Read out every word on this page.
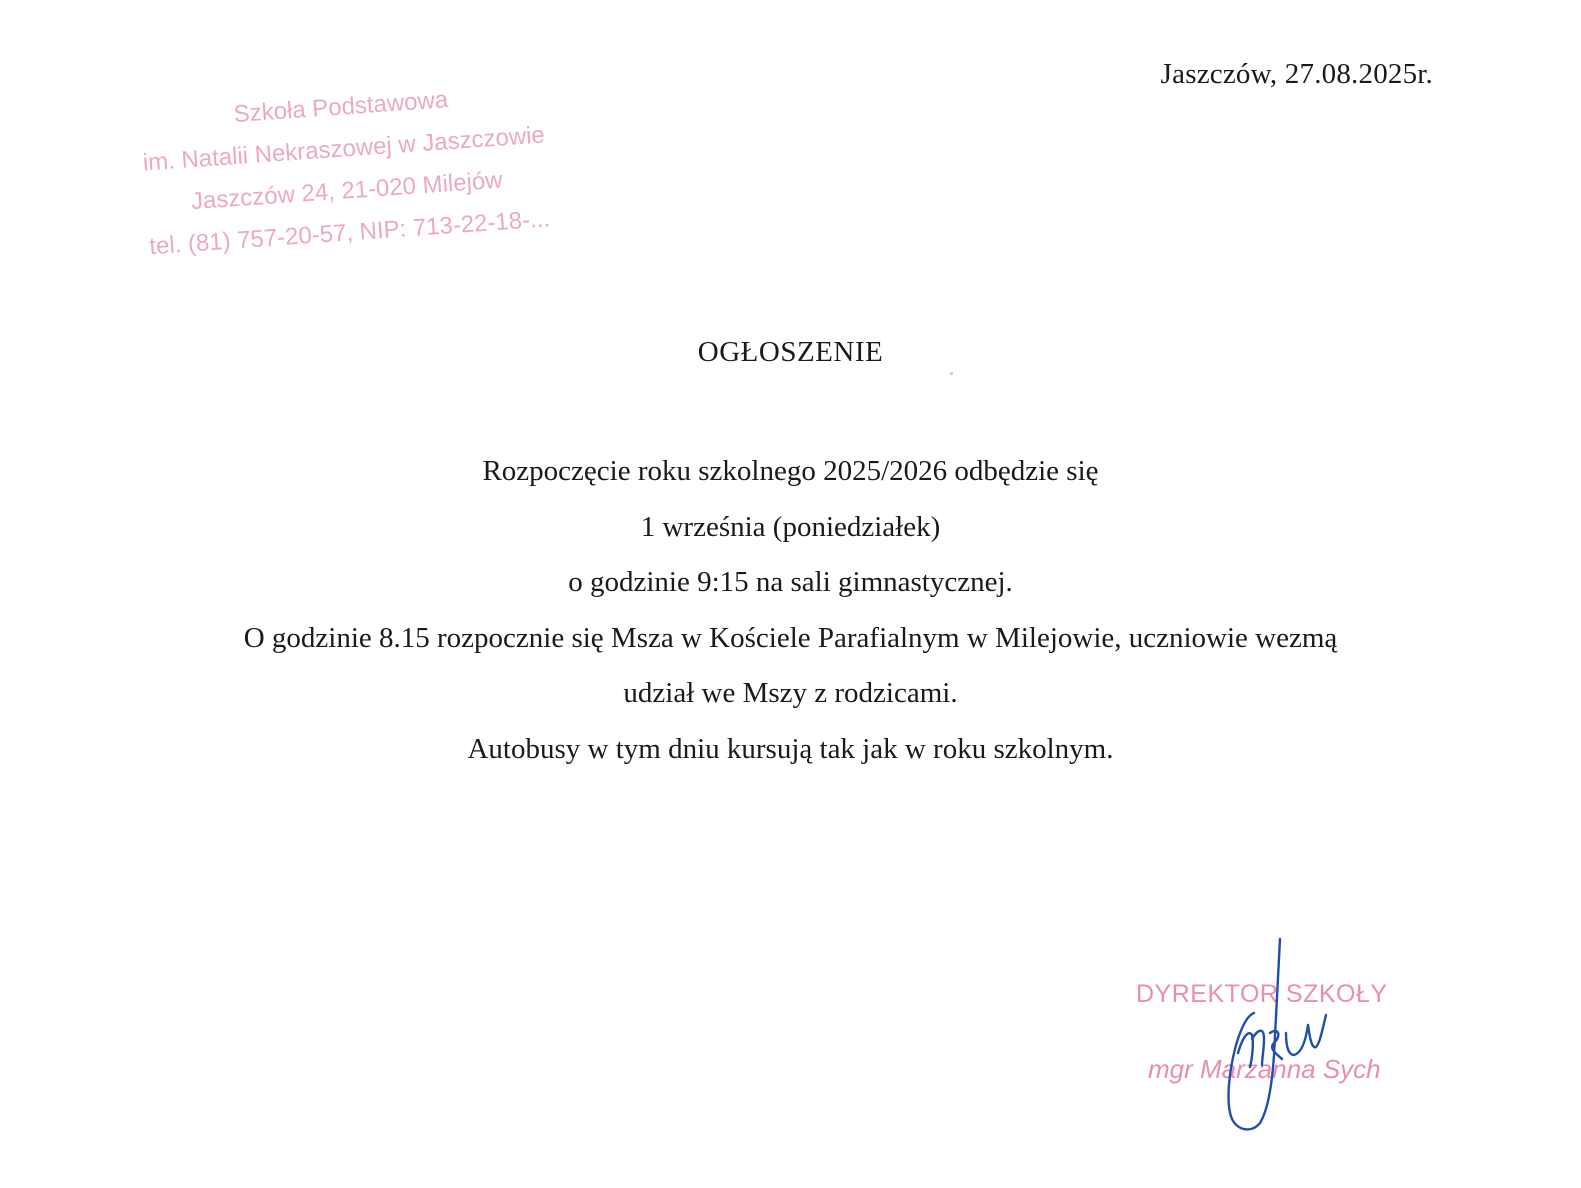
Jaszczów, 27.08.2025r.
Szkoła Podstawowa
im. Natalii Nekraszowej w Jaszczowie
Jaszczów 24, 21-020 Milejów
tel. (81) 757-20-57, NIP: 713-22-18-...
OGŁOSZENIE
Rozpoczęcie roku szkolnego 2025/2026 odbędzie się
1 września (poniedziałek)
o godzinie 9:15 na sali gimnastycznej.
O godzinie 8.15 rozpocznie się Msza w Kościele Parafialnym w Milejowie, uczniowie wezmą
udział we Mszy z rodzicami.
Autobusy w tym dniu kursują tak jak w roku szkolnym.
DYREKTOR SZKOŁY
mgr Marzanna Sych
